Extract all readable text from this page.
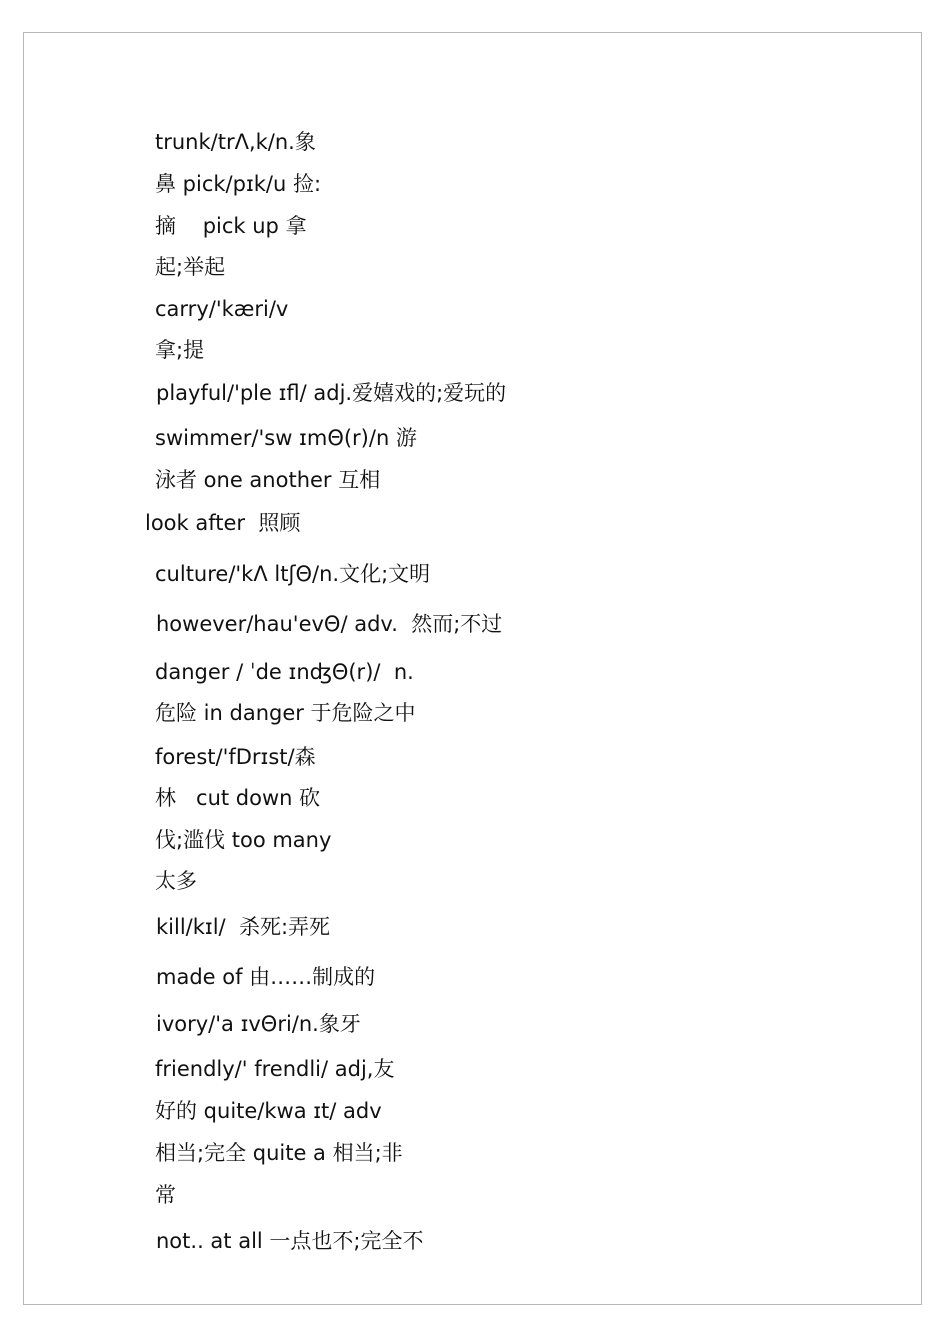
trunk/trΛ,k/n.象

鼻 pick/pɪk/u 捡:

摘    pick up 拿

起;举起

carry/'kæri/v

拿;提

playful/'ple ɪfl/ adj.爱嬉戏的;爱玩的

swimmer/'sw ɪmΘ(r)/n 游

泳者 one another 互相

look after  照顾

culture/'kΛ ltʃΘ/n.文化;文明

however/hau'evΘ/ adv.  然而;不过

danger / ˈde ɪnʤΘ(r)/  n.

危险 in danger 于危险之中

forest/'fDrɪst/森

林   cut down 砍

伐;滥伐 too many

太多

kill/kɪl/  杀死:弄死

made of 由……制成的

ivory/'a ɪvΘri/n.象牙

friendly/' frendli/ adj,友

好的 quite/kwa ɪt/ adv

相当;完全 quite a 相当;非

常

not.. at all 一点也不;完全不
